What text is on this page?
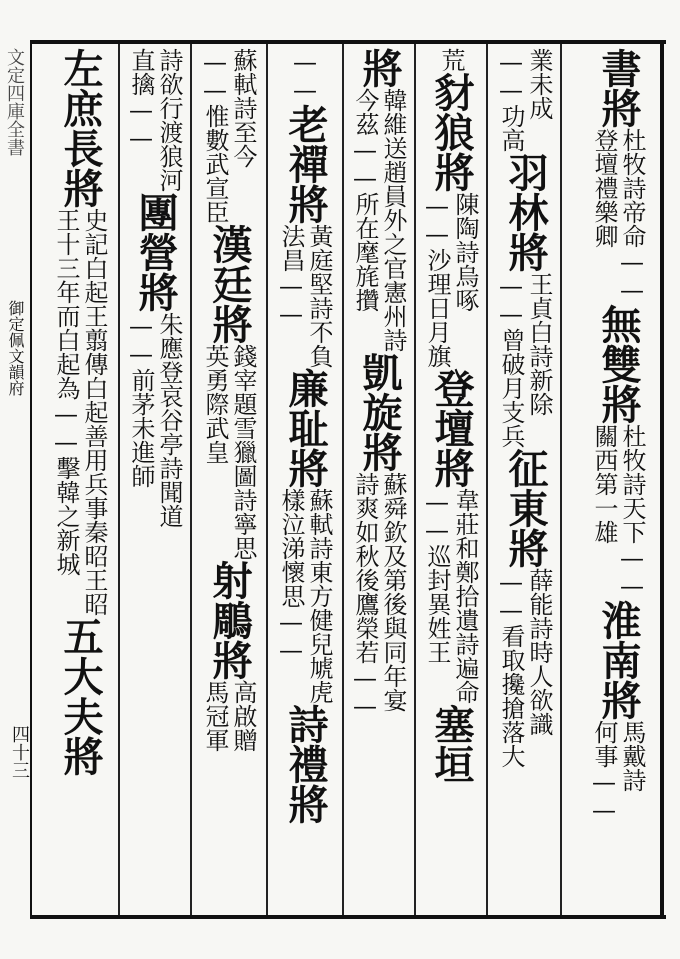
文定四庫全書
御定佩文韻府
四十三
書將
杜牧詩帝命——
登壇禮樂卿
無雙將
杜牧詩天下——
關西第一雄
淮南將
馬戴詩
何事——
業未成
——功高
羽林將
王貞白詩新除
——曾破月支兵
征東將
薛能詩時人欲識
——看取攙搶落大
荒
豺狼將
陳陶詩烏啄
——沙理日月旗
登壇將
韋莊和鄭拾遺詩遍命
——巡封異姓王
塞垣
將
韓維送趙員外之官憲州詩
今茲——所在麾旄攢
凱旋將
蘇舜欽及第後與同年宴
詩爽如秋後鷹榮若——
——
老禪將
黃庭堅詩不負
法昌——
廉耻將
蘇軾詩東方健兒虓虎
樣泣涕懷思——
詩禮將
蘇軾詩至今
——惟數武宣臣
漢廷將
錢宰題雪獵圖詩寧思
英勇際武皇
射鵰將
高啟贈
馬冠軍
詩欲行渡狼河
直擒——
團營將
朱應登哀谷亭詩聞道
——前茅未進師
左庶長將
史記白起王翦傳白起善用兵事秦昭王昭
王十三年而白起為——擊韓之新城
五大夫將
